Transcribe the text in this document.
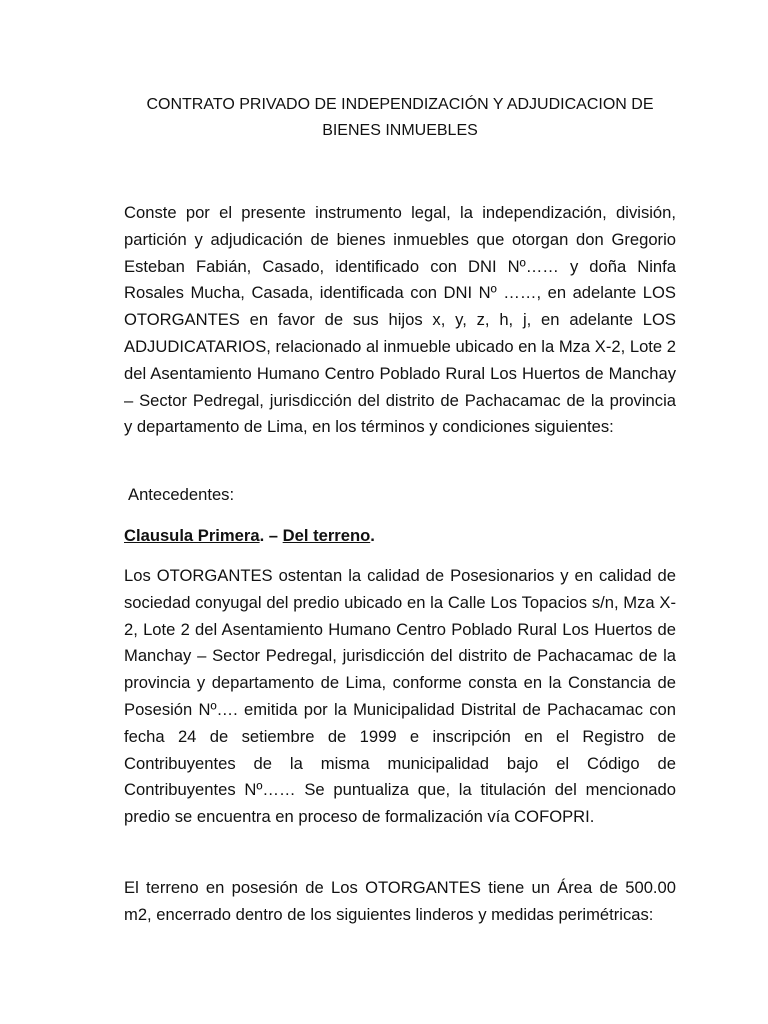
CONTRATO PRIVADO DE INDEPENDIZACIÓN Y ADJUDICACION DE
BIENES INMUEBLES

Conste por el presente instrumento legal, la independización, división, partición y adjudicación de bienes inmuebles que otorgan don Gregorio Esteban Fabián, Casado, identificado con DNI Nº…… y doña Ninfa Rosales Mucha, Casada, identificada con DNI Nº ……, en adelante LOS OTORGANTES en favor de sus hijos x, y, z, h, j, en adelante LOS ADJUDICATARIOS, relacionado al inmueble ubicado en la Mza X-2, Lote 2 del Asentamiento Humano Centro Poblado Rural Los Huertos de Manchay – Sector Pedregal, jurisdicción del distrito de Pachacamac de la provincia y departamento de Lima, en los términos y condiciones siguientes:

Antecedentes:

Clausula Primera. – Del terreno.

Los OTORGANTES ostentan la calidad de Posesionarios y en calidad de sociedad conyugal del predio ubicado en la Calle Los Topacios s/n, Mza X-2, Lote 2 del Asentamiento Humano Centro Poblado Rural Los Huertos de Manchay – Sector Pedregal, jurisdicción del distrito de Pachacamac de la provincia y departamento de Lima, conforme consta en la Constancia de Posesión Nº…. emitida por la Municipalidad Distrital de Pachacamac con fecha 24 de setiembre de 1999 e inscripción en el Registro de Contribuyentes de la misma municipalidad bajo el Código de Contribuyentes Nº…… Se puntualiza que, la titulación del mencionado predio se encuentra en proceso de formalización vía COFOPRI.

El terreno en posesión de Los OTORGANTES tiene un Área de 500.00 m2, encerrado dentro de los siguientes linderos y medidas perimétricas:
